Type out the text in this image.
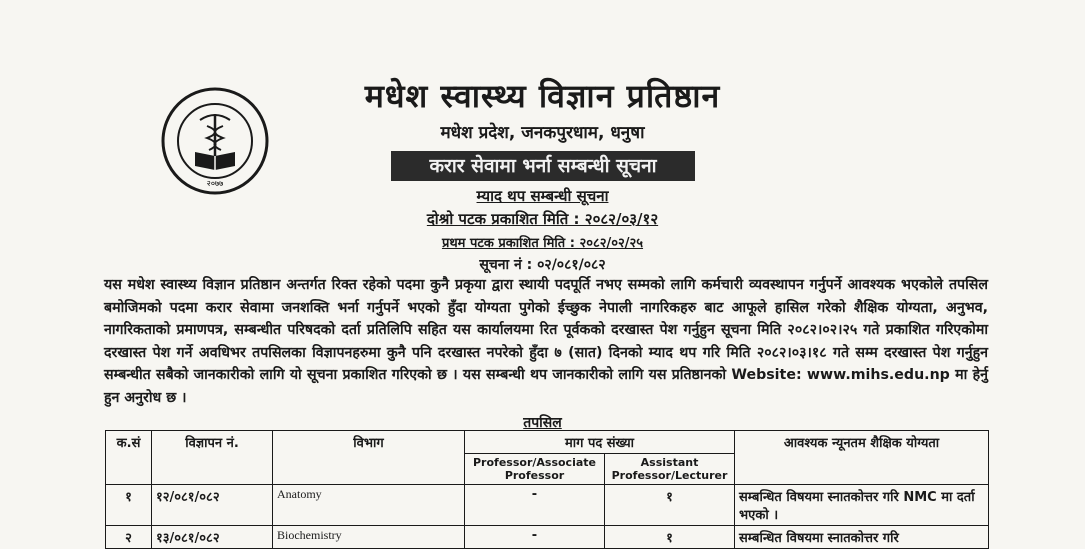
२०७७
मधेश स्वास्थ्य विज्ञान प्रतिष्ठान
मधेश प्रदेश, जनकपुरधाम, धनुषा
करार सेवामा भर्ना सम्बन्धी सूचना
म्याद थप सम्बन्धी सूचना
दोश्रो पटक प्रकाशित मिति : २०८२/०३/१२
प्रथम पटक प्रकाशित मिति : २०८२/०२/२५
सूचना नं : ०२/०८१/०८२
यस मधेश स्वास्थ्य विज्ञान प्रतिष्ठान अन्तर्गत रिक्त रहेको पदमा कुनै प्रकृया द्वारा स्थायी पदपूर्ति नभए सम्मको लागि कर्मचारी व्यवस्थापन गर्नुपर्ने आवश्यक भएकोले तपसिल बमोजिमको पदमा करार सेवामा जनशक्ति भर्ना गर्नुपर्ने भएको हुँदा योग्यता पुगेको ईच्छुक नेपाली नागरिकहरु बाट आफूले हासिल गरेको शैक्षिक योग्यता, अनुभव, नागरिकताको प्रमाणपत्र, सम्बन्धीत परिषदको दर्ता प्रतिलिपि सहित यस कार्यालयमा रित पूर्वकको दरखास्त पेश गर्नुहुन सूचना मिति २०८२।०२।२५ गते प्रकाशित गरिएकोमा दरखास्त पेश गर्ने अवधिभर तपसिलका विज्ञापनहरुमा कुनै पनि दरखास्त नपरेको हुँदा ७ (सात) दिनको म्याद थप गरि मिति २०८२।०३।१८ गते सम्म दरखास्त पेश गर्नुहुन सम्बन्धीत सबैको जानकारीको लागि यो सूचना प्रकाशित गरिएको छ । यस सम्बन्धी थप जानकारीको लागि यस प्रतिष्ठानको Website: www.mihs.edu.np मा हेर्नु हुन अनुरोध छ ।
तपसिल
क.सं	विज्ञापन नं.	विभाग	माग पद संख्या		आवश्यक न्यूनतम शैक्षिक योग्यता
			Professor/Associate Professor	Assistant Professor/Lecturer	
१	१२/०८१/०८२	Anatomy	-	१	सम्बन्धित विषयमा स्नातकोत्तर गरि NMC मा दर्ता भएको ।
२	१३/०८१/०८२	Biochemistry	-	१	सम्बन्धित विषयमा स्नातकोत्तर गरि
